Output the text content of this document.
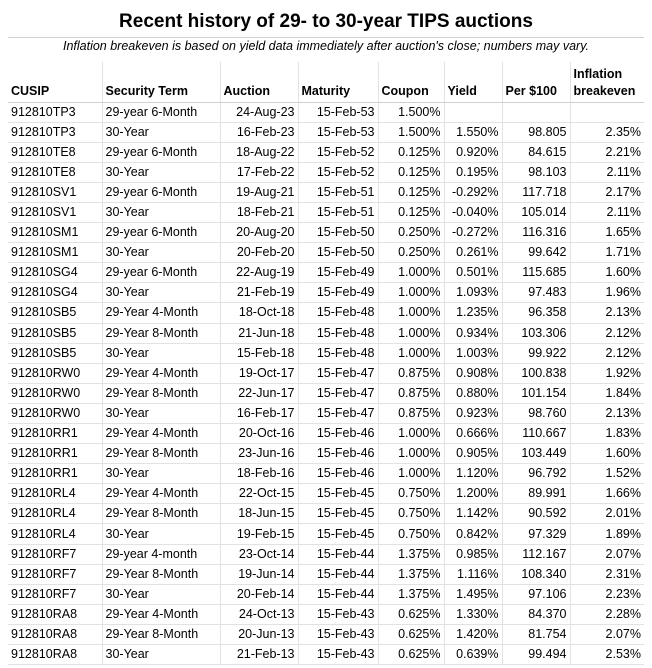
Recent history of 29- to 30-year TIPS auctions
Inflation breakeven is based on yield data immediately after auction's close; numbers may vary.
CUSIP	Security Term	Auction	Maturity	Coupon	Yield	Per $100	Inflation breakeven
912810TP3	29-year 6-Month	24-Aug-23	15-Feb-53	1.500%			
912810TP3	30-Year	16-Feb-23	15-Feb-53	1.500%	1.550%	98.805	2.35%
912810TE8	29-year 6-Month	18-Aug-22	15-Feb-52	0.125%	0.920%	84.615	2.21%
912810TE8	30-Year	17-Feb-22	15-Feb-52	0.125%	0.195%	98.103	2.11%
912810SV1	29-year 6-Month	19-Aug-21	15-Feb-51	0.125%	-0.292%	117.718	2.17%
912810SV1	30-Year	18-Feb-21	15-Feb-51	0.125%	-0.040%	105.014	2.11%
912810SM1	29-year 6-Month	20-Aug-20	15-Feb-50	0.250%	-0.272%	116.316	1.65%
912810SM1	30-Year	20-Feb-20	15-Feb-50	0.250%	0.261%	99.642	1.71%
912810SG4	29-year 6-Month	22-Aug-19	15-Feb-49	1.000%	0.501%	115.685	1.60%
912810SG4	30-Year	21-Feb-19	15-Feb-49	1.000%	1.093%	97.483	1.96%
912810SB5	29-Year 4-Month	18-Oct-18	15-Feb-48	1.000%	1.235%	96.358	2.13%
912810SB5	29-Year 8-Month	21-Jun-18	15-Feb-48	1.000%	0.934%	103.306	2.12%
912810SB5	30-Year	15-Feb-18	15-Feb-48	1.000%	1.003%	99.922	2.12%
912810RW0	29-Year 4-Month	19-Oct-17	15-Feb-47	0.875%	0.908%	100.838	1.92%
912810RW0	29-Year 8-Month	22-Jun-17	15-Feb-47	0.875%	0.880%	101.154	1.84%
912810RW0	30-Year	16-Feb-17	15-Feb-47	0.875%	0.923%	98.760	2.13%
912810RR1	29-Year 4-Month	20-Oct-16	15-Feb-46	1.000%	0.666%	110.667	1.83%
912810RR1	29-Year 8-Month	23-Jun-16	15-Feb-46	1.000%	0.905%	103.449	1.60%
912810RR1	30-Year	18-Feb-16	15-Feb-46	1.000%	1.120%	96.792	1.52%
912810RL4	29-Year 4-Month	22-Oct-15	15-Feb-45	0.750%	1.200%	89.991	1.66%
912810RL4	29-Year 8-Month	18-Jun-15	15-Feb-45	0.750%	1.142%	90.592	2.01%
912810RL4	30-Year	19-Feb-15	15-Feb-45	0.750%	0.842%	97.329	1.89%
912810RF7	29-year 4-month	23-Oct-14	15-Feb-44	1.375%	0.985%	112.167	2.07%
912810RF7	29-Year 8-Month	19-Jun-14	15-Feb-44	1.375%	1.116%	108.340	2.31%
912810RF7	30-Year	20-Feb-14	15-Feb-44	1.375%	1.495%	97.106	2.23%
912810RA8	29-Year 4-Month	24-Oct-13	15-Feb-43	0.625%	1.330%	84.370	2.28%
912810RA8	29-Year 8-Month	20-Jun-13	15-Feb-43	0.625%	1.420%	81.754	2.07%
912810RA8	30-Year	21-Feb-13	15-Feb-43	0.625%	0.639%	99.494	2.53%
